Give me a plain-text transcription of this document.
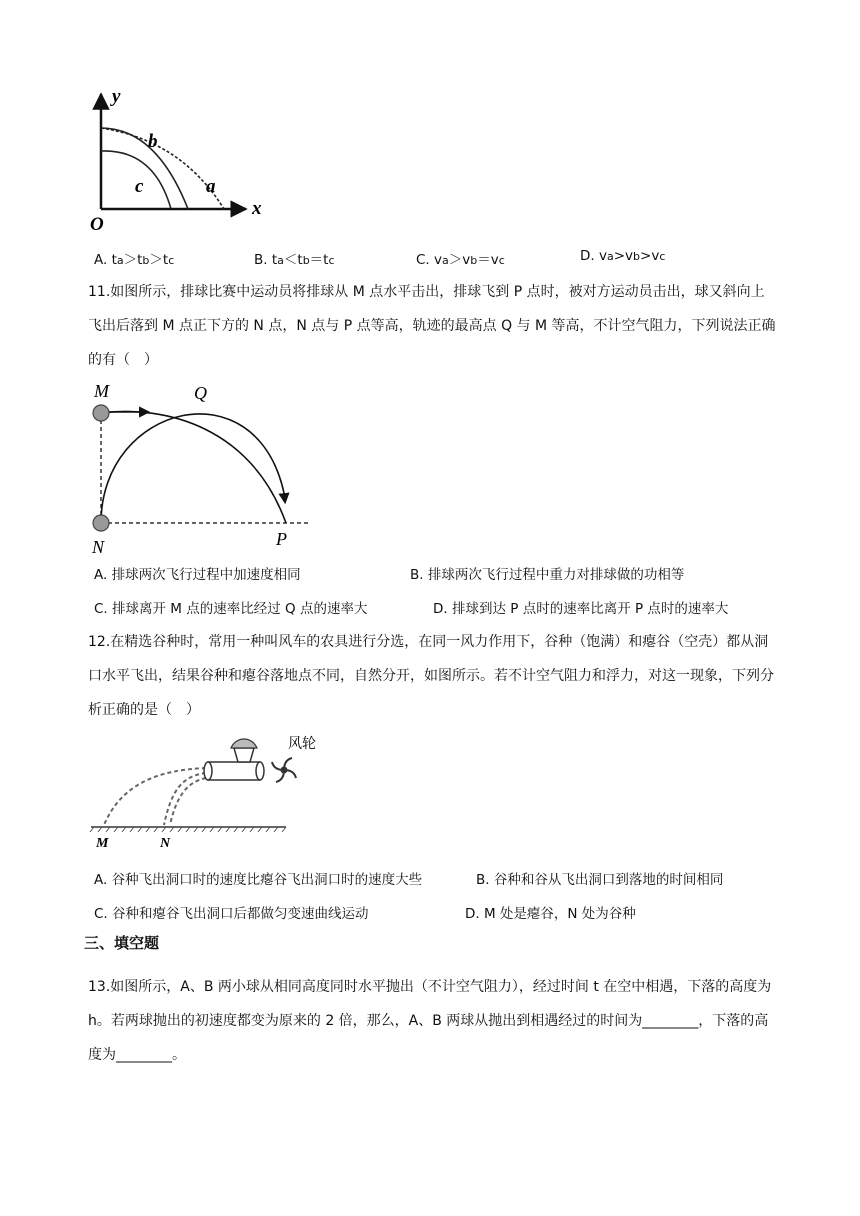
y
x
O
b
c	a
A. ta＞tb＞tc	B. ta＜tb＝tc	C. va＞vb＝vc	D. va>vb>vc
11.如图所示，排球比赛中运动员将排球从 M 点水平击出，排球飞到 P 点时，被对方运动员击出，球又斜向上飞出后落到 M 点正下方的 N 点，N 点与 P 点等高，轨迹的最高点 Q 与 M 等高，不计空气阻力，下列说法正确的有（　）
M	Q
N	P
A. 排球两次飞行过程中加速度相同	B. 排球两次飞行过程中重力对排球做的功相等
C. 排球离开 M 点的速率比经过 Q 点的速率大	D. 排球到达 P 点时的速率比离开 P 点时的速率大
12.在精选谷种时，常用一种叫风车的农具进行分选，在同一风力作用下，谷种（饱满）和瘪谷（空壳）都从洞口水平飞出，结果谷种和瘪谷落地点不同，自然分开，如图所示。若不计空气阻力和浮力，对这一现象，下列分析正确的是（　）
风轮
M	N
A. 谷种飞出洞口时的速度比瘪谷飞出洞口时的速度大些	B. 谷种和谷从飞出洞口到落地的时间相同
C. 谷种和瘪谷飞出洞口后都做匀变速曲线运动	D. M 处是瘪谷，N 处为谷种
三、填空题
13.如图所示，A、B 两小球从相同高度同时水平抛出（不计空气阻力），经过时间 t 在空中相遇，下落的高度为 h。若两球抛出的初速度都变为原来的 2 倍，那么，A、B 两球从抛出到相遇经过的时间为________，下落的高度为________。
